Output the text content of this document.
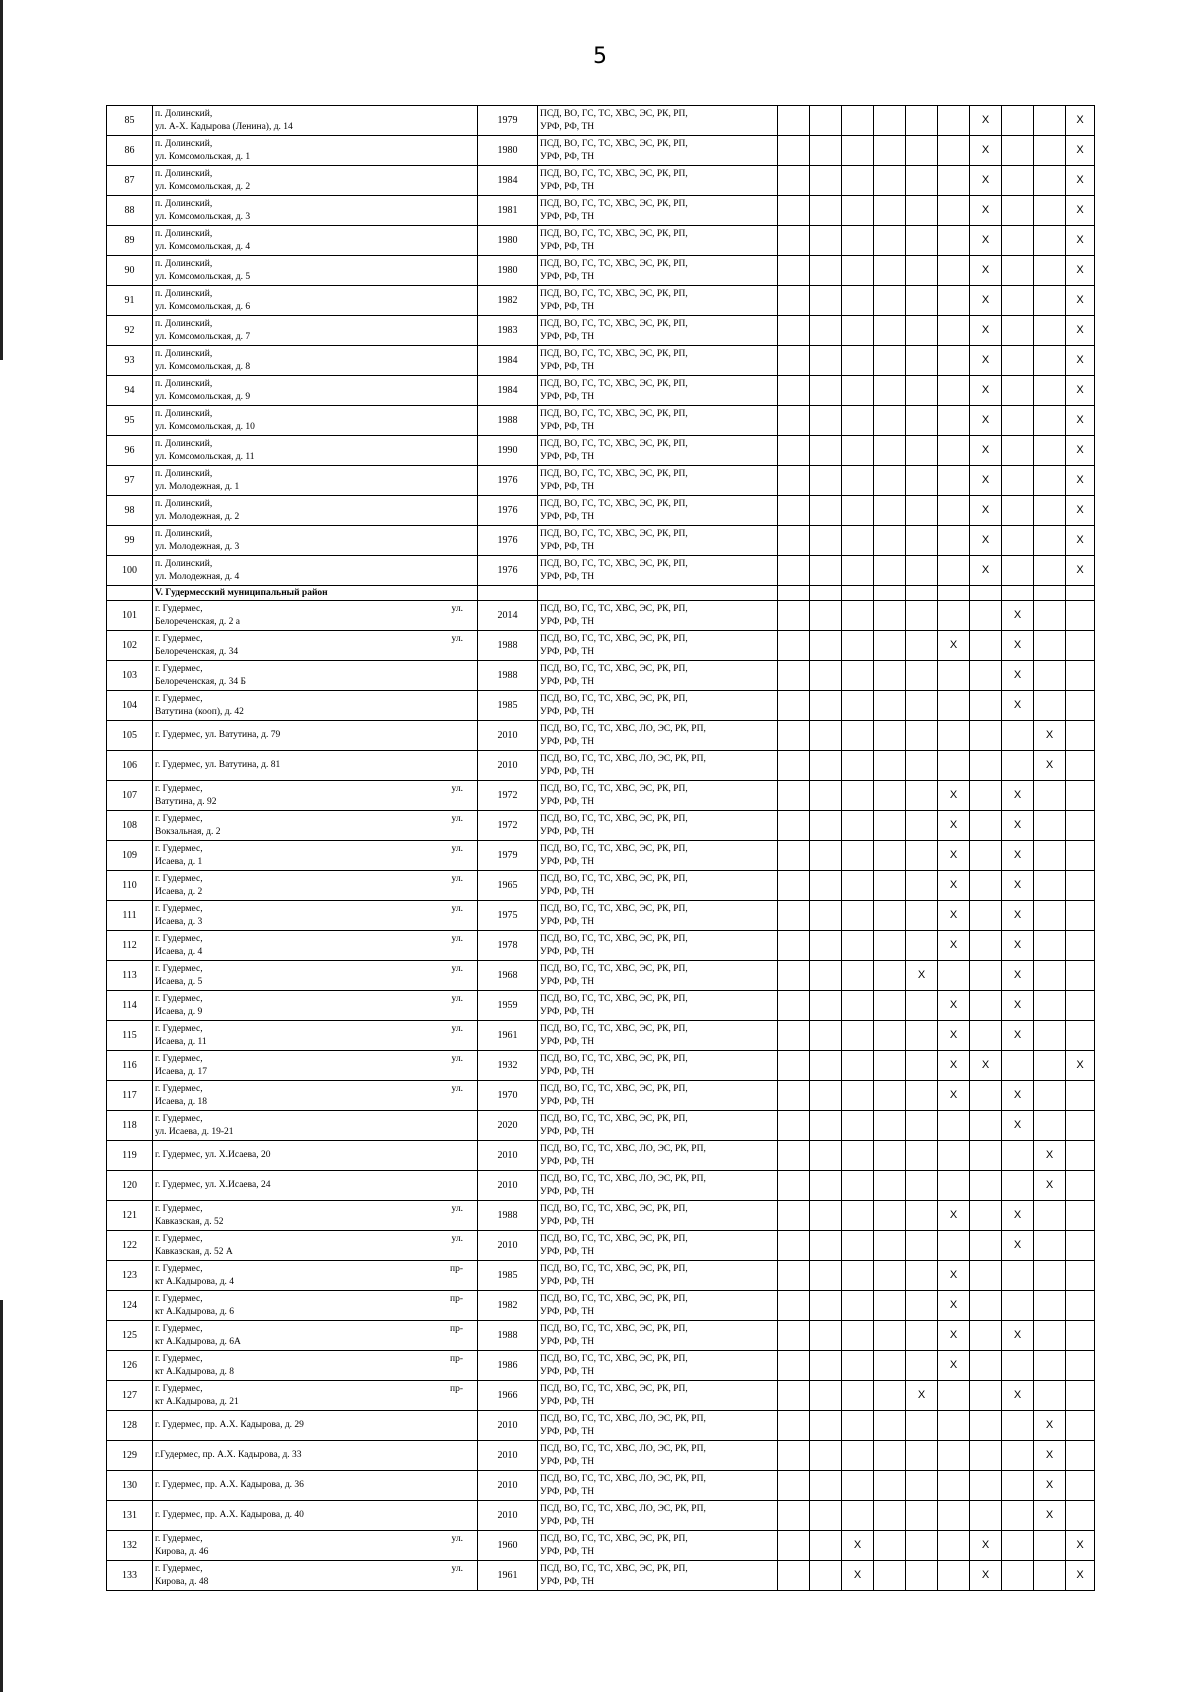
5
85	п. Долинский,
ул. А-Х. Кадырова (Ленина), д. 14	1979	ПСД, ВО, ГС, ТС, ХВС, ЭС, РК, РП,
УРФ, РФ, ТН							X			X
86	п. Долинский,
ул. Комсомольская, д. 1	1980	ПСД, ВО, ГС, ТС, ХВС, ЭС, РК, РП,
УРФ, РФ, ТН							X			X
87	п. Долинский,
ул. Комсомольская, д. 2	1984	ПСД, ВО, ГС, ТС, ХВС, ЭС, РК, РП,
УРФ, РФ, ТН							X			X
88	п. Долинский,
ул. Комсомольская, д. 3	1981	ПСД, ВО, ГС, ТС, ХВС, ЭС, РК, РП,
УРФ, РФ, ТН							X			X
89	п. Долинский,
ул. Комсомольская, д. 4	1980	ПСД, ВО, ГС, ТС, ХВС, ЭС, РК, РП,
УРФ, РФ, ТН							X			X
90	п. Долинский,
ул. Комсомольская, д. 5	1980	ПСД, ВО, ГС, ТС, ХВС, ЭС, РК, РП,
УРФ, РФ, ТН							X			X
91	п. Долинский,
ул. Комсомольская, д. 6	1982	ПСД, ВО, ГС, ТС, ХВС, ЭС, РК, РП,
УРФ, РФ, ТН							X			X
92	п. Долинский,
ул. Комсомольская, д. 7	1983	ПСД, ВО, ГС, ТС, ХВС, ЭС, РК, РП,
УРФ, РФ, ТН							X			X
93	п. Долинский,
ул. Комсомольская, д. 8	1984	ПСД, ВО, ГС, ТС, ХВС, ЭС, РК, РП,
УРФ, РФ, ТН							X			X
94	п. Долинский,
ул. Комсомольская, д. 9	1984	ПСД, ВО, ГС, ТС, ХВС, ЭС, РК, РП,
УРФ, РФ, ТН							X			X
95	п. Долинский,
ул. Комсомольская, д. 10	1988	ПСД, ВО, ГС, ТС, ХВС, ЭС, РК, РП,
УРФ, РФ, ТН							X			X
96	п. Долинский,
ул. Комсомольская, д. 11	1990	ПСД, ВО, ГС, ТС, ХВС, ЭС, РК, РП,
УРФ, РФ, ТН							X			X
97	п. Долинский,
ул. Молодежная, д. 1	1976	ПСД, ВО, ГС, ТС, ХВС, ЭС, РК, РП,
УРФ, РФ, ТН							X			X
98	п. Долинский,
ул. Молодежная, д. 2	1976	ПСД, ВО, ГС, ТС, ХВС, ЭС, РК, РП,
УРФ, РФ, ТН							X			X
99	п. Долинский,
ул. Молодежная, д. 3	1976	ПСД, ВО, ГС, ТС, ХВС, ЭС, РК, РП,
УРФ, РФ, ТН							X			X
100	п. Долинский,
ул. Молодежная, д. 4	1976	ПСД, ВО, ГС, ТС, ХВС, ЭС, РК, РП,
УРФ, РФ, ТН							X			X
	V. Гудермесский муниципальный район												
101	г. Гудермес, ул.
Белореченская, д. 2 а	2014	ПСД, ВО, ГС, ТС, ХВС, ЭС, РК, РП,
УРФ, РФ, ТН								X		
102	г. Гудермес, ул.
Белореченская, д. 34	1988	ПСД, ВО, ГС, ТС, ХВС, ЭС, РК, РП,
УРФ, РФ, ТН						X		X		
103	г. Гудермес,
Белореченская, д. 34 Б	1988	ПСД, ВО, ГС, ТС, ХВС, ЭС, РК, РП,
УРФ, РФ, ТН								X		
104	г. Гудермес,
Ватутина (кооп), д. 42	1985	ПСД, ВО, ГС, ТС, ХВС, ЭС, РК, РП,
УРФ, РФ, ТН								X		
105	г. Гудермес, ул. Ватутина, д. 79	2010	ПСД, ВО, ГС, ТС, ХВС, ЛО, ЭС, РК, РП,
УРФ, РФ, ТН									X	
106	г. Гудермес, ул. Ватутина, д. 81	2010	ПСД, ВО, ГС, ТС, ХВС, ЛО, ЭС, РК, РП,
УРФ, РФ, ТН									X	
107	г. Гудермес, ул.
Ватутина, д. 92	1972	ПСД, ВО, ГС, ТС, ХВС, ЭС, РК, РП,
УРФ, РФ, ТН						X		X		
108	г. Гудермес, ул.
Вокзальная, д. 2	1972	ПСД, ВО, ГС, ТС, ХВС, ЭС, РК, РП,
УРФ, РФ, ТН						X		X		
109	г. Гудермес, ул.
Исаева, д. 1	1979	ПСД, ВО, ГС, ТС, ХВС, ЭС, РК, РП,
УРФ, РФ, ТН						X		X		
110	г. Гудермес, ул.
Исаева, д. 2	1965	ПСД, ВО, ГС, ТС, ХВС, ЭС, РК, РП,
УРФ, РФ, ТН						X		X		
111	г. Гудермес, ул.
Исаева, д. 3	1975	ПСД, ВО, ГС, ТС, ХВС, ЭС, РК, РП,
УРФ, РФ, ТН						X		X		
112	г. Гудермес, ул.
Исаева, д. 4	1978	ПСД, ВО, ГС, ТС, ХВС, ЭС, РК, РП,
УРФ, РФ, ТН						X		X		
113	г. Гудермес, ул.
Исаева, д. 5	1968	ПСД, ВО, ГС, ТС, ХВС, ЭС, РК, РП,
УРФ, РФ, ТН					X			X		
114	г. Гудермес, ул.
Исаева, д. 9	1959	ПСД, ВО, ГС, ТС, ХВС, ЭС, РК, РП,
УРФ, РФ, ТН						X		X		
115	г. Гудермес, ул.
Исаева, д. 11	1961	ПСД, ВО, ГС, ТС, ХВС, ЭС, РК, РП,
УРФ, РФ, ТН						X		X		
116	г. Гудермес, ул.
Исаева, д. 17	1932	ПСД, ВО, ГС, ТС, ХВС, ЭС, РК, РП,
УРФ, РФ, ТН						X	X			X
117	г. Гудермес, ул.
Исаева, д. 18	1970	ПСД, ВО, ГС, ТС, ХВС, ЭС, РК, РП,
УРФ, РФ, ТН						X		X		
118	г. Гудермес,
ул. Исаева, д. 19-21	2020	ПСД, ВО, ГС, ТС, ХВС, ЭС, РК, РП,
УРФ, РФ, ТН								X		
119	г. Гудермес, ул. Х.Исаева, 20	2010	ПСД, ВО, ГС, ТС, ХВС, ЛО, ЭС, РК, РП,
УРФ, РФ, ТН									X	
120	г. Гудермес, ул. Х.Исаева, 24	2010	ПСД, ВО, ГС, ТС, ХВС, ЛО, ЭС, РК, РП,
УРФ, РФ, ТН									X	
121	г. Гудермес, ул.
Кавказская, д. 52	1988	ПСД, ВО, ГС, ТС, ХВС, ЭС, РК, РП,
УРФ, РФ, ТН						X		X		
122	г. Гудермес, ул.
Кавказская, д. 52 А	2010	ПСД, ВО, ГС, ТС, ХВС, ЭС, РК, РП,
УРФ, РФ, ТН								X		
123	г. Гудермес, пр-
кт А.Кадырова, д. 4	1985	ПСД, ВО, ГС, ТС, ХВС, ЭС, РК, РП,
УРФ, РФ, ТН						X				
124	г. Гудермес, пр-
кт А.Кадырова, д. 6	1982	ПСД, ВО, ГС, ТС, ХВС, ЭС, РК, РП,
УРФ, РФ, ТН						X				
125	г. Гудермес, пр-
кт А.Кадырова, д. 6А	1988	ПСД, ВО, ГС, ТС, ХВС, ЭС, РК, РП,
УРФ, РФ, ТН						X		X		
126	г. Гудермес, пр-
кт А.Кадырова, д. 8	1986	ПСД, ВО, ГС, ТС, ХВС, ЭС, РК, РП,
УРФ, РФ, ТН						X				
127	г. Гудермес, пр-
кт А.Кадырова, д. 21	1966	ПСД, ВО, ГС, ТС, ХВС, ЭС, РК, РП,
УРФ, РФ, ТН					X			X		
128	г. Гудермес, пр. А.Х. Кадырова, д. 29	2010	ПСД, ВО, ГС, ТС, ХВС, ЛО, ЭС, РК, РП,
УРФ, РФ, ТН									X	
129	г.Гудермес, пр. А.Х. Кадырова, д. 33	2010	ПСД, ВО, ГС, ТС, ХВС, ЛО, ЭС, РК, РП,
УРФ, РФ, ТН									X	
130	г. Гудермес, пр. А.Х. Кадырова, д. 36	2010	ПСД, ВО, ГС, ТС, ХВС, ЛО, ЭС, РК, РП,
УРФ, РФ, ТН									X	
131	г. Гудермес, пр. А.Х. Кадырова, д. 40	2010	ПСД, ВО, ГС, ТС, ХВС, ЛО, ЭС, РК, РП,
УРФ, РФ, ТН									X	
132	г. Гудермес, ул.
Кирова, д. 46	1960	ПСД, ВО, ГС, ТС, ХВС, ЭС, РК, РП,
УРФ, РФ, ТН			X				X			X
133	г. Гудермес, ул.
Кирова, д. 48	1961	ПСД, ВО, ГС, ТС, ХВС, ЭС, РК, РП,
УРФ, РФ, ТН			X				X			X
